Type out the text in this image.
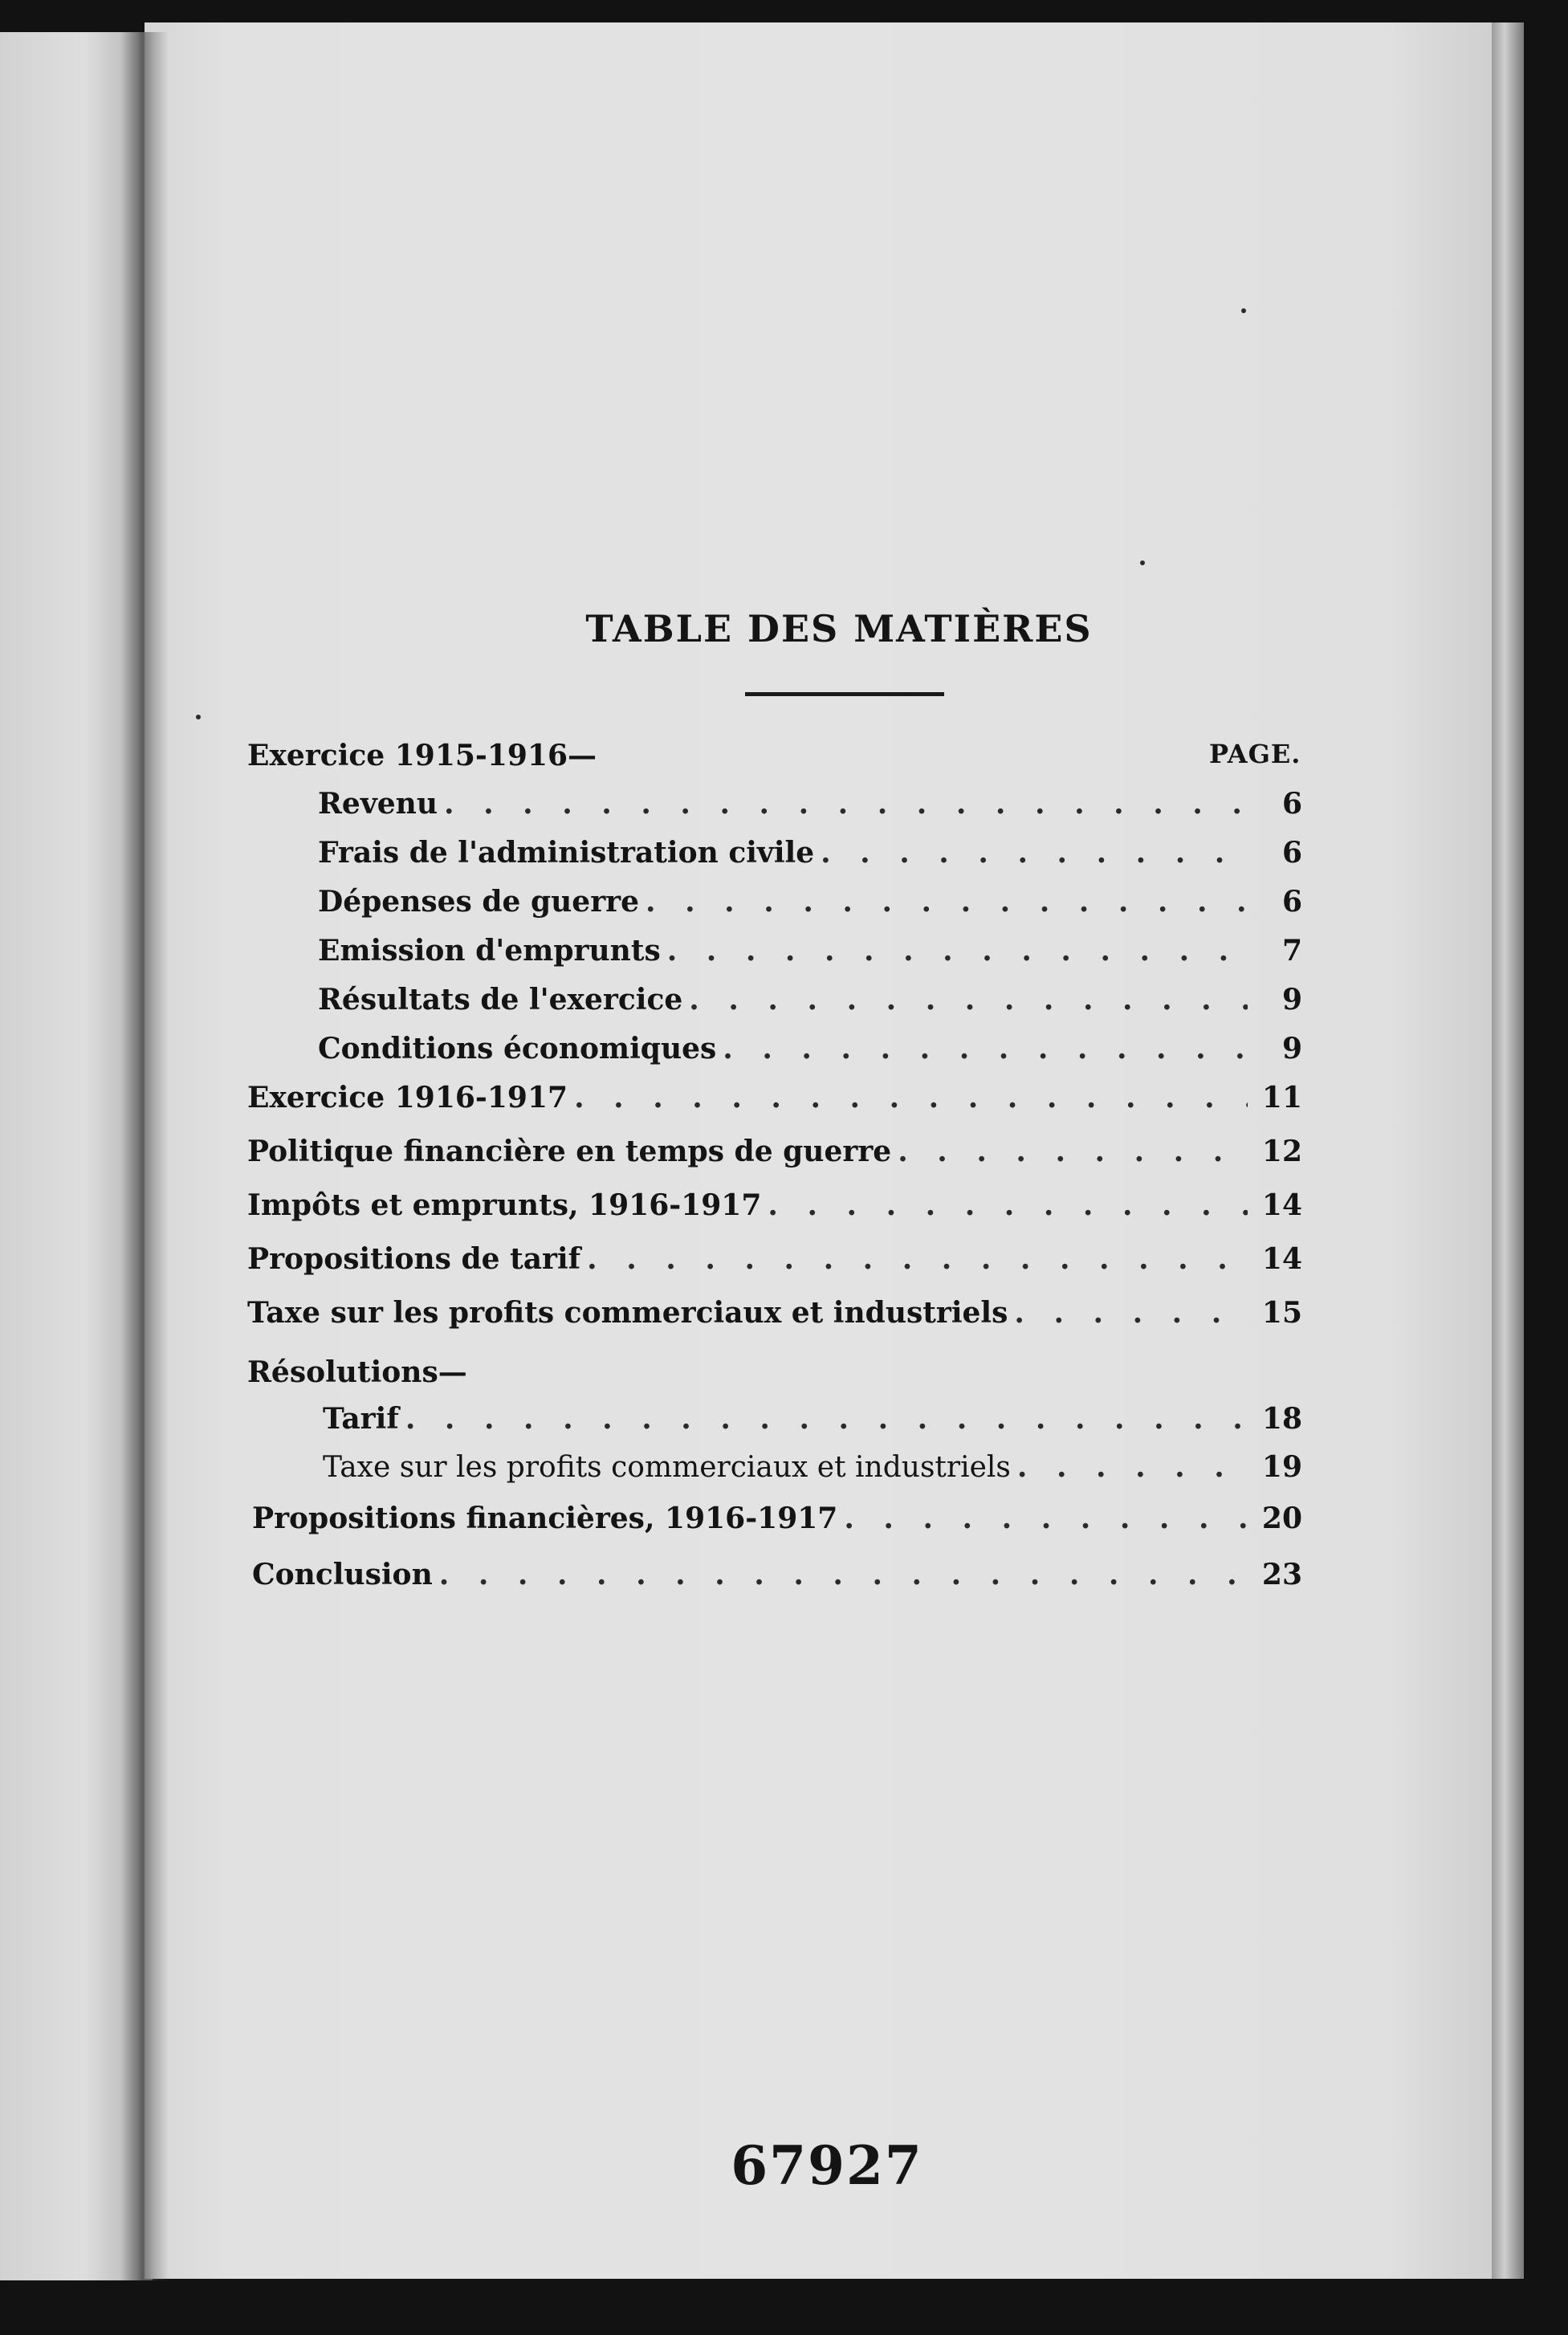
TABLE DES MATIÈRES
PAGE.
Exercice 1915-1916—
Revenu . . .	6
Frais de l'administration civile . . .	6
Dépenses de guerre . . .	6
Emission d'emprunts . . .	7
Résultats de l'exercice . . .	9
Conditions économiques . . .	9
Exercice 1916-1917 . . .	11
Politique financière en temps de guerre . . .	12
Impôts et emprunts, 1916-1917 . . .	14
Propositions de tarif . . .	14
Taxe sur les profits commerciaux et industriels . . .	15
Résolutions—
Tarif . . .	18
Taxe sur les profits commerciaux et industriels . . .	19
Propositions financières, 1916-1917 . . .	20
Conclusion . . .	23
67927
